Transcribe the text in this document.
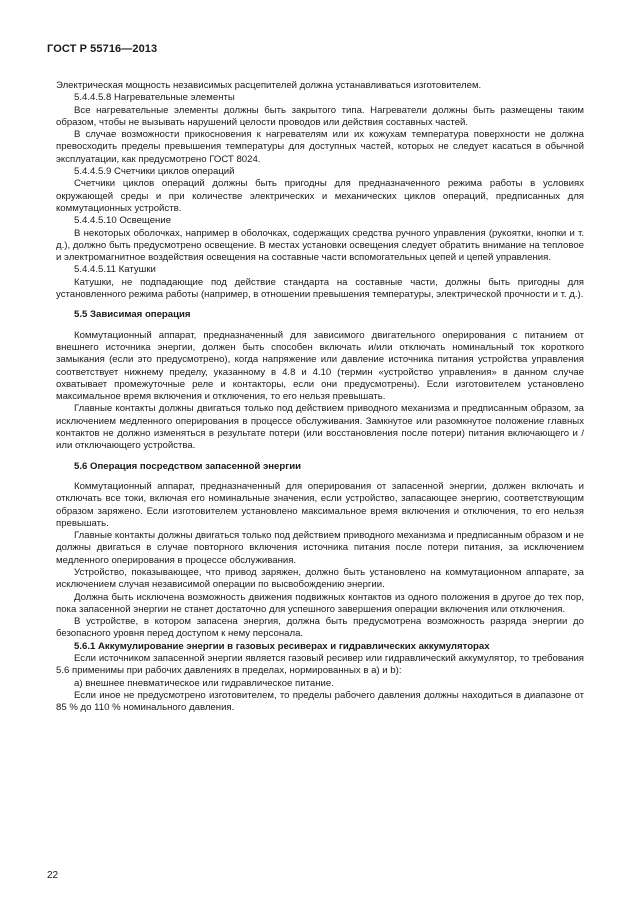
ГОСТ Р 55716—2013

Электрическая мощность независимых расцепителей должна устанавливаться изготовителем.

5.4.4.5.8 Нагревательные элементы

Все нагревательные элементы должны быть закрытого типа. Нагреватели должны быть размещены таким образом, чтобы не вызывать нарушений целости проводов или действия составных частей.

В случае возможности прикосновения к нагревателям или их кожухам температура поверхности не должна превосходить пределы превышения температуры для доступных частей, которых не следует касаться в обычной эксплуатации, как предусмотрено ГОСТ 8024.

5.4.4.5.9 Счетчики циклов операций

Счетчики циклов операций должны быть пригодны для предназначенного режима работы в условиях окружающей среды и при количестве электрических и механических циклов операций, предписанных для коммутационных устройств.

5.4.4.5.10 Освещение

В некоторых оболочках, например в оболочках, содержащих средства ручного управления (рукоятки, кнопки и т. д.), должно быть предусмотрено освещение. В местах установки освещения следует обратить внимание на тепловое и электромагнитное воздействия освещения на составные части вспомогательных цепей и цепей управления.

5.4.4.5.11 Катушки

Катушки, не подпадающие под действие стандарта на составные части, должны быть пригодны для установленного режима работы (например, в отношении превышения температуры, электрической прочности и т. д.).

5.5 Зависимая операция

Коммутационный аппарат, предназначенный для зависимого двигательного оперирования с питанием от внешнего источника энергии, должен быть способен включать и/или отключать номинальный ток короткого замыкания (если это предусмотрено), когда напряжение или давление источника питания устройства управления соответствует нижнему пределу, указанному в 4.8 и 4.10 (термин «устройство управления» в данном случае охватывает промежуточные реле и контакторы, если они предусмотрены). Если изготовителем установлено максимальное время включения и отключения, то его нельзя превышать.

Главные контакты должны двигаться только под действием приводного механизма и предписанным образом, за исключением медленного оперирования в процессе обслуживания. Замкнутое или разомкнутое положение главных контактов не должно изменяться в результате потери (или восстановления после потери) питания включающего и /или отключающего устройства.

5.6 Операция посредством запасенной энергии

Коммутационный аппарат, предназначенный для оперирования от запасенной энергии, должен включать и отключать все токи, включая его номинальные значения, если устройство, запасающее энергию, соответствующим образом заряжено. Если изготовителем установлено максимальное время включения и отключения, то его нельзя превышать.

Главные контакты должны двигаться только под действием приводного механизма и предписанным образом и не должны двигаться в случае повторного включения источника питания после потери питания, за исключением медленного оперирования в процессе обслуживания.

Устройство, показывающее, что привод заряжен, должно быть установлено на коммутационном аппарате, за исключением случая независимой операции по высвобождению энергии.

Должна быть исключена возможность движения подвижных контактов из одного положения в другое до тех пор, пока запасенной энергии не станет достаточно для успешного завершения операции включения или отключения.

В устройстве, в котором запасена энергия, должна быть предусмотрена возможность разряда энергии до безопасного уровня перед доступом к нему персонала.

5.6.1 Аккумулирование энергии в газовых ресиверах и гидравлических аккумуляторах

Если источником запасенной энергии является газовый ресивер или гидравлический аккумулятор, то требования 5.6 применимы при рабочих давлениях в пределах, нормированных в а) и b):

а) внешнее пневматическое или гидравлическое питание.

Если иное не предусмотрено изготовителем, то пределы рабочего давления должны находиться в диапазоне от 85 % до 110 % номинального давления.

22
